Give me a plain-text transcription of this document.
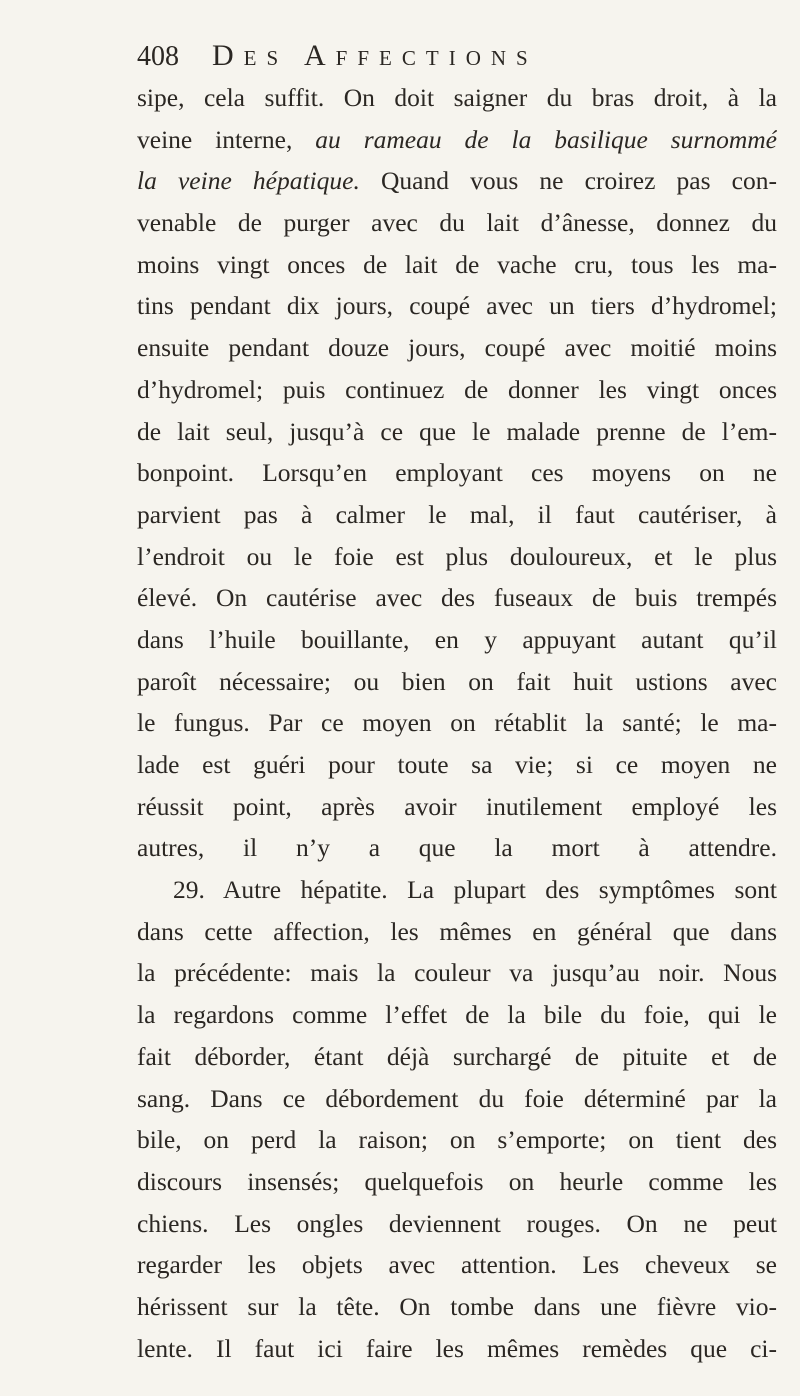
408 Des Affections
sipe, cela suffit. On doit saigner du bras droit, à la
veine interne, au rameau de la basilique surnommé
la veine hépatique. Quand vous ne croirez pas con-
venable de purger avec du lait d’ânesse, donnez du
moins vingt onces de lait de vache cru, tous les ma-
tins pendant dix jours, coupé avec un tiers d’hydromel;
ensuite pendant douze jours, coupé avec moitié moins
d’hydromel; puis continuez de donner les vingt onces
de lait seul, jusqu’à ce que le malade prenne de l’em-
bonpoint. Lorsqu’en employant ces moyens on ne
parvient pas à calmer le mal, il faut cautériser, à
l’endroit ou le foie est plus douloureux, et le plus
élevé. On cautérise avec des fuseaux de buis trempés
dans l’huile bouillante, en y appuyant autant qu’il
paroît nécessaire; ou bien on fait huit ustions avec
le fungus. Par ce moyen on rétablit la santé; le ma-
lade est guéri pour toute sa vie; si ce moyen ne
réussit point, après avoir inutilement employé les
autres, il n’y a que la mort à attendre.
29. Autre hépatite. La plupart des symptômes sont
dans cette affection, les mêmes en général que dans
la précédente: mais la couleur va jusqu’au noir. Nous
la regardons comme l’effet de la bile du foie, qui le
fait déborder, étant déjà surchargé de pituite et de
sang. Dans ce débordement du foie déterminé par la
bile, on perd la raison; on s’emporte; on tient des
discours insensés; quelquefois on heurle comme les
chiens. Les ongles deviennent rouges. On ne peut
regarder les objets avec attention. Les cheveux se
hérissent sur la tête. On tombe dans une fièvre vio-
lente. Il faut ici faire les mêmes remèdes que ci-
